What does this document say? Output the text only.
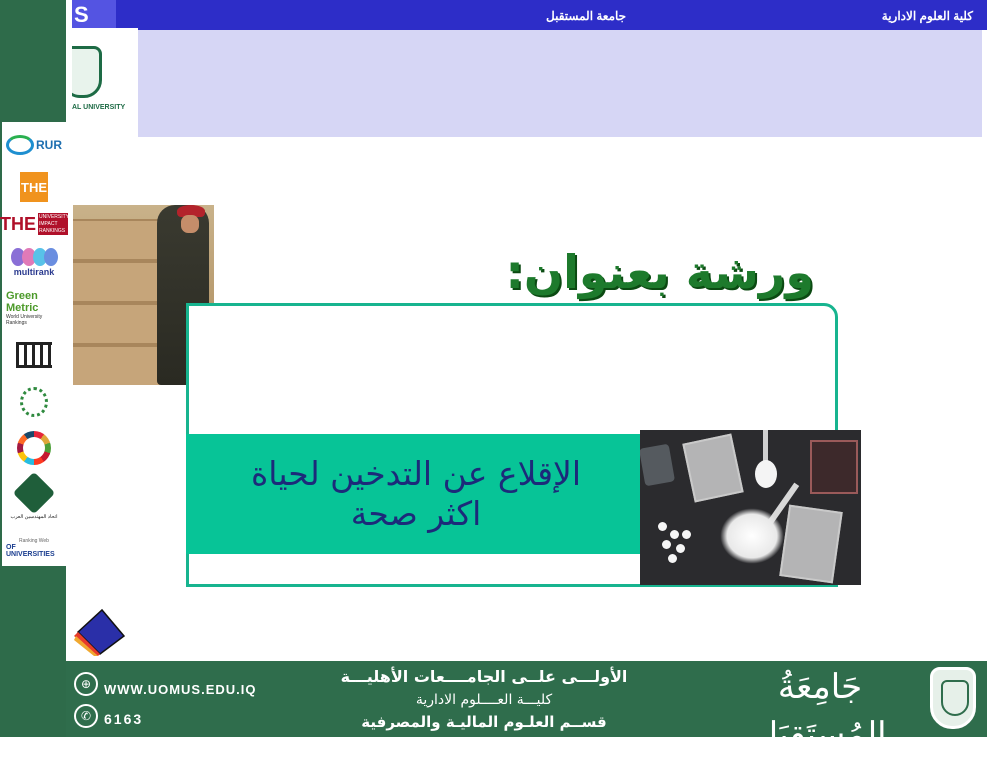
S	جامعة المستقبل	كلية العلوم الادارية
AL UNIVERSITY
RUR
THE
THE UNIVERSITY IMPACT RANKINGS
multirank
Green Metric
World University Rankings
اتحاد المهندسين العرب
Ranking Web
OF UNIVERSITIES
ورشة بعنوان:
الإقلاع عن التدخين لحياة
اكثر صحة
⊕ WWW.UOMUS.EDU.IQ
✆ 6163
الأولـــى علــى الجامــــعات الأهليـــة
كليـــة العــــلوم الادارية
قســم العلـوم الماليـة والمصرفية
جَامِعَةُ المُستَقبَل
AL-MUSTAQBAL UNIVERSITY
